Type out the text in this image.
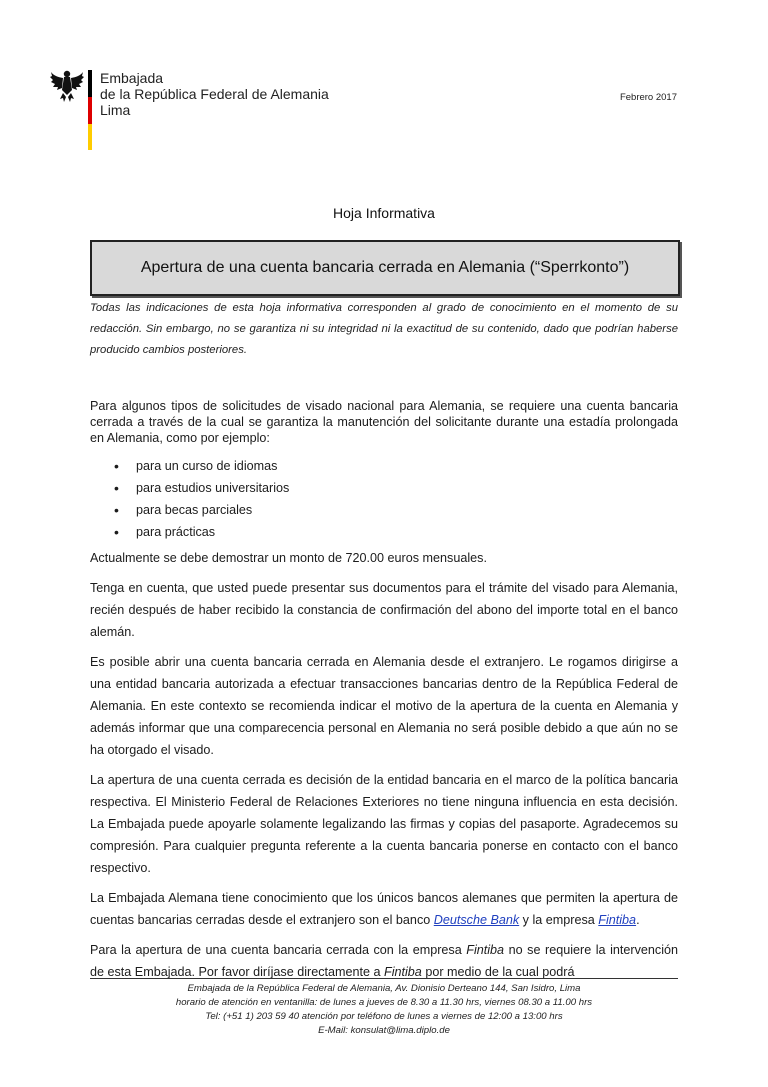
Embajada
de la República Federal de Alemania
Lima
Febrero 2017
Hoja Informativa
Apertura de una cuenta bancaria cerrada en Alemania (“Sperrkonto”)
Todas las indicaciones de esta hoja informativa corresponden al grado de conocimiento en el momento de su redacción. Sin embargo, no se garantiza ni su integridad ni la exactitud de su contenido, dado que podrían haberse producido cambios posteriores.

Para algunos tipos de solicitudes de visado nacional para Alemania, se requiere una cuenta bancaria cerrada a través de la cual se garantiza la manutención del solicitante durante una estadía prolongada en Alemania, como por ejemplo:

• para un curso de idiomas
• para estudios universitarios
• para becas parciales
• para prácticas

Actualmente se debe demostrar un monto de 720.00 euros mensuales.

Tenga en cuenta, que usted puede presentar sus documentos para el trámite del visado para Alemania, recién después de haber recibido la constancia de confirmación del abono del importe total en el banco alemán.

Es posible abrir una cuenta bancaria cerrada en Alemania desde el extranjero. Le rogamos dirigirse a una entidad bancaria autorizada a efectuar transacciones bancarias dentro de la República Federal de Alemania. En este contexto se recomienda indicar el motivo de la apertura de la cuenta en Alemania y además informar que una comparecencia personal en Alemania no será posible debido a que aún no se ha otorgado el visado.

La apertura de una cuenta cerrada es decisión de la entidad bancaria en el marco de la política bancaria respectiva. El Ministerio Federal de Relaciones Exteriores no tiene ninguna influencia en esta decisión. La Embajada puede apoyarle solamente legalizando las firmas y copias del pasaporte. Agradecemos su compresión. Para cualquier pregunta referente a la cuenta bancaria ponerse en contacto con el banco respectivo.

La Embajada Alemana tiene conocimiento que los únicos bancos alemanes que permiten la apertura de cuentas bancarias cerradas desde el extranjero son el banco Deutsche Bank y la empresa Fintiba.

Para la apertura de una cuenta bancaria cerrada con la empresa Fintiba no se requiere la intervención de esta Embajada. Por favor diríjase directamente a Fintiba por medio de la cual podrá

Embajada de la República Federal de Alemania, Av. Dionisio Derteano 144, San Isidro, Lima
horario de atención en ventanilla: de lunes a jueves de 8.30 a 11.30 hrs, viernes 08.30 a 11.00 hrs
Tel: (+51 1) 203 59 40 atención por teléfono de lunes a viernes de 12:00 a 13:00 hrs
E-Mail: konsulat@lima.diplo.de
